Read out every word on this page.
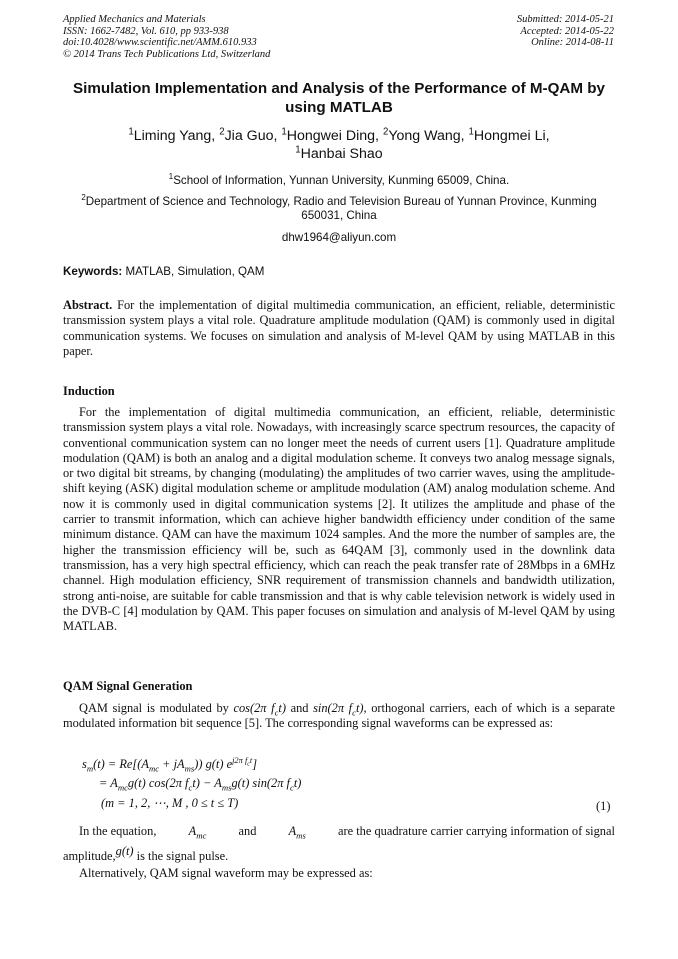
Applied Mechanics and Materials
ISSN: 1662-7482, Vol. 610, pp 933-938
doi:10.4028/www.scientific.net/AMM.610.933
© 2014 Trans Tech Publications Ltd, Switzerland
Submitted: 2014-05-21
Accepted: 2014-05-22
Online: 2014-08-11
Simulation Implementation and Analysis of the Performance of M-QAM by using MATLAB
$^1$Liming Yang, $^2$Jia Guo, $^1$Hongwei Ding, $^2$Yong Wang, $^1$Hongmei Li,
$^1$Hanbai Shao
$^1$School of Information, Yunnan University, Kunming 65009, China.
$^2$Department of Science and Technology, Radio and Television Bureau of Yunnan Province, Kunming 650031, China
dhw1964@aliyun.com
Keywords: MATLAB, Simulation, QAM
Abstract. For the implementation of digital multimedia communication, an efficient, reliable, deterministic transmission system plays a vital role. Quadrature amplitude modulation (QAM) is commonly used in digital communication systems. We focuses on simulation and analysis of M-level QAM by using MATLAB in this paper.
Induction
For the implementation of digital multimedia communication, an efficient, reliable, deterministic transmission system plays a vital role. Nowadays, with increasingly scarce spectrum resources, the capacity of conventional communication system can no longer meet the needs of current users [1]. Quadrature amplitude modulation (QAM) is both an analog and a digital modulation scheme. It conveys two analog message signals, or two digital bit streams, by changing (modulating) the amplitudes of two carrier waves, using the amplitude-shift keying (ASK) digital modulation scheme or amplitude modulation (AM) analog modulation scheme. And now it is commonly used in digital communication systems [2]. It utilizes the amplitude and phase of the carrier to transmit information, which can achieve higher bandwidth efficiency under condition of the same minimum distance. QAM can have the maximum 1024 samples. And the more the number of samples are, the higher the transmission efficiency will be, such as 64QAM [3], commonly used in the downlink data transmission, has a very high spectral efficiency, which can reach the peak transfer rate of 28Mbps in a 6MHz channel. High modulation efficiency, SNR requirement of transmission channels and bandwidth utilization, strong anti-noise, are suitable for cable transmission and that is why cable television network is widely used in the DVB-C [4] modulation by QAM. This paper focuses on simulation and analysis of M-level QAM by using MATLAB.
QAM Signal Generation
QAM signal is modulated by cos(2π $f_ct$) and sin(2π $f_ct$), orthogonal carriers, each of which is a separate modulated information bit sequence [5]. The corresponding signal waveforms can be expressed as:
$s_m(t) = Re[(A_{mc} + jA_{ms}))$ g(t) $e^{j2\pi f_ct}$]
= $A_{mc}g(t)$ cos(2π $f_ct) - A_{ms}g(t)$ sin(2π $f_ct$)
(m = 1, 2, ⋯, M , 0 ≤ t ≤ T)	(1)
In the equation,	$A_{mc}$	and	$A_{ms}$	are the quadrature carrier carrying information of signal
amplitude,g(t) is the signal pulse.
Alternatively, QAM signal waveform may be expressed as:
